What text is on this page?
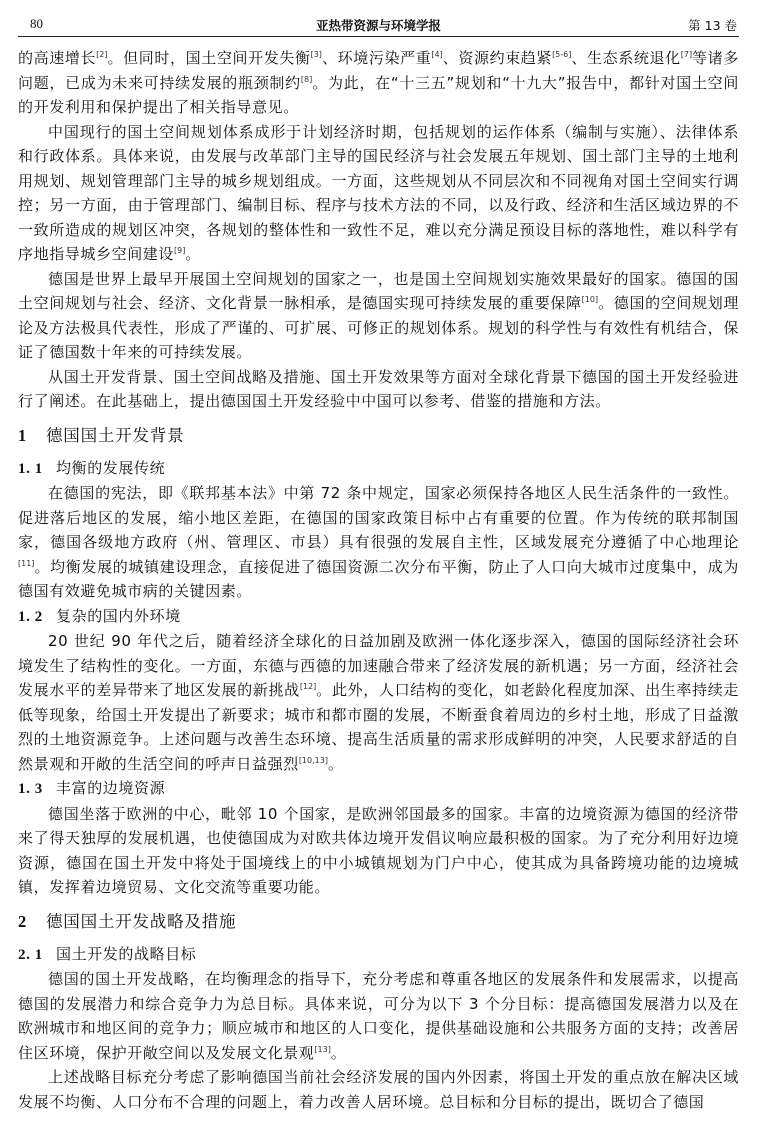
80	亚热带资源与环境学报	第 13 卷

的高速增长[2]。但同时，国土空间开发失衡[3]、环境污染严重[4]、资源约束趋紧[5-6]、生态系统退化[7]等诸多问题，已成为未来可持续发展的瓶颈制约[8]。为此，在“十三五”规划和“十九大”报告中，都针对国土空间的开发利用和保护提出了相关指导意见。

中国现行的国土空间规划体系成形于计划经济时期，包括规划的运作体系（编制与实施）、法律体系和行政体系。具体来说，由发展与改革部门主导的国民经济与社会发展五年规划、国土部门主导的土地利用规划、规划管理部门主导的城乡规划组成。一方面，这些规划从不同层次和不同视角对国土空间实行调控；另一方面，由于管理部门、编制目标、程序与技术方法的不同，以及行政、经济和生活区域边界的不一致所造成的规划区冲突，各规划的整体性和一致性不足，难以充分满足预设目标的落地性，难以科学有序地指导城乡空间建设[9]。

德国是世界上最早开展国土空间规划的国家之一，也是国土空间规划实施效果最好的国家。德国的国土空间规划与社会、经济、文化背景一脉相承，是德国实现可持续发展的重要保障[10]。德国的空间规划理论及方法极具代表性，形成了严谨的、可扩展、可修正的规划体系。规划的科学性与有效性有机结合，保证了德国数十年来的可持续发展。

从国土开发背景、国土空间战略及措施、国土开发效果等方面对全球化背景下德国的国土开发经验进行了阐述。在此基础上，提出德国国土开发经验中中国可以参考、借鉴的措施和方法。

1 德国国土开发背景
1. 1 均衡的发展传统

在德国的宪法，即《联邦基本法》中第 72 条中规定，国家必须保持各地区人民生活条件的一致性。促进落后地区的发展，缩小地区差距，在德国的国家政策目标中占有重要的位置。作为传统的联邦制国家，德国各级地方政府（州、管理区、市县）具有很强的发展自主性，区域发展充分遵循了中心地理论[11]。均衡发展的城镇建设理念，直接促进了德国资源二次分布平衡，防止了人口向大城市过度集中，成为德国有效避免城市病的关键因素。

1. 2 复杂的国内外环境

20 世纪 90 年代之后，随着经济全球化的日益加剧及欧洲一体化逐步深入，德国的国际经济社会环境发生了结构性的变化。一方面，东德与西德的加速融合带来了经济发展的新机遇；另一方面，经济社会发展水平的差异带来了地区发展的新挑战[12]。此外，人口结构的变化，如老龄化程度加深、出生率持续走低等现象，给国土开发提出了新要求；城市和都市圈的发展，不断蚕食着周边的乡村土地，形成了日益激烈的土地资源竞争。上述问题与改善生态环境、提高生活质量的需求形成鲜明的冲突，人民要求舒适的自然景观和开敞的生活空间的呼声日益强烈[10,13]。

1. 3 丰富的边境资源

德国坐落于欧洲的中心，毗邻 10 个国家，是欧洲邻国最多的国家。丰富的边境资源为德国的经济带来了得天独厚的发展机遇，也使德国成为对欧共体边境开发倡议响应最积极的国家。为了充分利用好边境资源，德国在国土开发中将处于国境线上的中小城镇规划为门户中心，使其成为具备跨境功能的边境城镇，发挥着边境贸易、文化交流等重要功能。

2 德国国土开发战略及措施
2. 1 国土开发的战略目标

德国的国土开发战略，在均衡理念的指导下，充分考虑和尊重各地区的发展条件和发展需求，以提高德国的发展潜力和综合竞争力为总目标。具体来说，可分为以下 3 个分目标：提高德国发展潜力以及在欧洲城市和地区间的竞争力；顺应城市和地区的人口变化，提供基础设施和公共服务方面的支持；改善居住区环境，保护开敞空间以及发展文化景观[13]。

上述战略目标充分考虑了影响德国当前社会经济发展的国内外因素，将国土开发的重点放在解决区域发展不均衡、人口分布不合理的问题上，着力改善人居环境。总目标和分目标的提出，既切合了德国
